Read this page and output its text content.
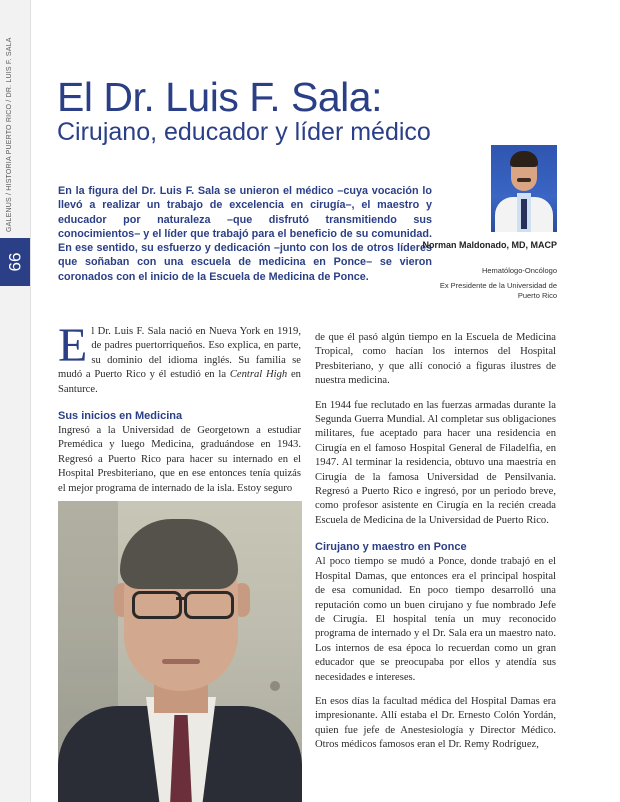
GALENUS / HISTORIA PUERTO RICO / DR. LUIS F. SALA
66
El Dr. Luis F. Sala:
Cirujano, educador y líder médico

En la figura del Dr. Luis F. Sala se unieron el médico –cuya vocación lo llevó a realizar un trabajo de excelencia en cirugía–, el maestro y educador por naturaleza –que disfrutó transmitiendo sus conocimientos– y el líder que trabajó para el beneficio de su comunidad. En ese sentido, su esfuerzo y dedicación –junto con los de otros líderes que soñaban con una escuela de medicina en Ponce– se vieron coronados con el inicio de la Escuela de Medicina de Ponce.

Norman Maldonado, MD, MACP

Hematólogo-Oncólogo

Ex Presidente de la Universidad de Puerto Rico

El Dr. Luis F. Sala nació en Nueva York en 1919, de padres puertorriqueños. Eso explica, en parte, su dominio del idioma inglés. Su familia se mudó a Puerto Rico y él estudió en la Central High en Santurce.

Sus inicios en Medicina

Ingresó a la Universidad de Georgetown a estudiar Premédica y luego Medicina, graduándose en 1943. Regresó a Puerto Rico para hacer su internado en el Hospital Presbiteriano, que en ese entonces tenía quizás el mejor programa de internado de la isla. Estoy seguro

de que él pasó algún tiempo en la Escuela de Medicina Tropical, como hacían los internos del Hospital Presbiteriano, y que allí conoció a figuras ilustres de nuestra medicina.

En 1944 fue reclutado en las fuerzas armadas durante la Segunda Guerra Mundial. Al completar sus obligaciones militares, fue aceptado para hacer una residencia en Cirugía en el famoso Hospital General de Filadelfia, en 1947. Al terminar la residencia, obtuvo una maestría en Cirugía de la famosa Universidad de Pensilvania. Regresó a Puerto Rico e ingresó, por un periodo breve, como profesor asistente en Cirugía en la recién creada Escuela de Medicina de la Universidad de Puerto Rico.

Cirujano y maestro en Ponce

Al poco tiempo se mudó a Ponce, donde trabajó en el Hospital Damas, que entonces era el principal hospital de esa comunidad. En poco tiempo desarrolló una reputación como un buen cirujano y fue nombrado Jefe de Cirugía. El hospital tenía un muy reconocido programa de internado y el Dr. Sala era un maestro nato. Los internos de esa época lo recuerdan como un gran educador que se preocupaba por ellos y atendía sus necesidades e intereses.

En esos días la facultad médica del Hospital Damas era impresionante. Allí estaba el Dr. Ernesto Colón Yordán, quien fue jefe de Anestesiología y Director Médico. Otros médicos famosos eran el Dr. Remy Rodríguez,
